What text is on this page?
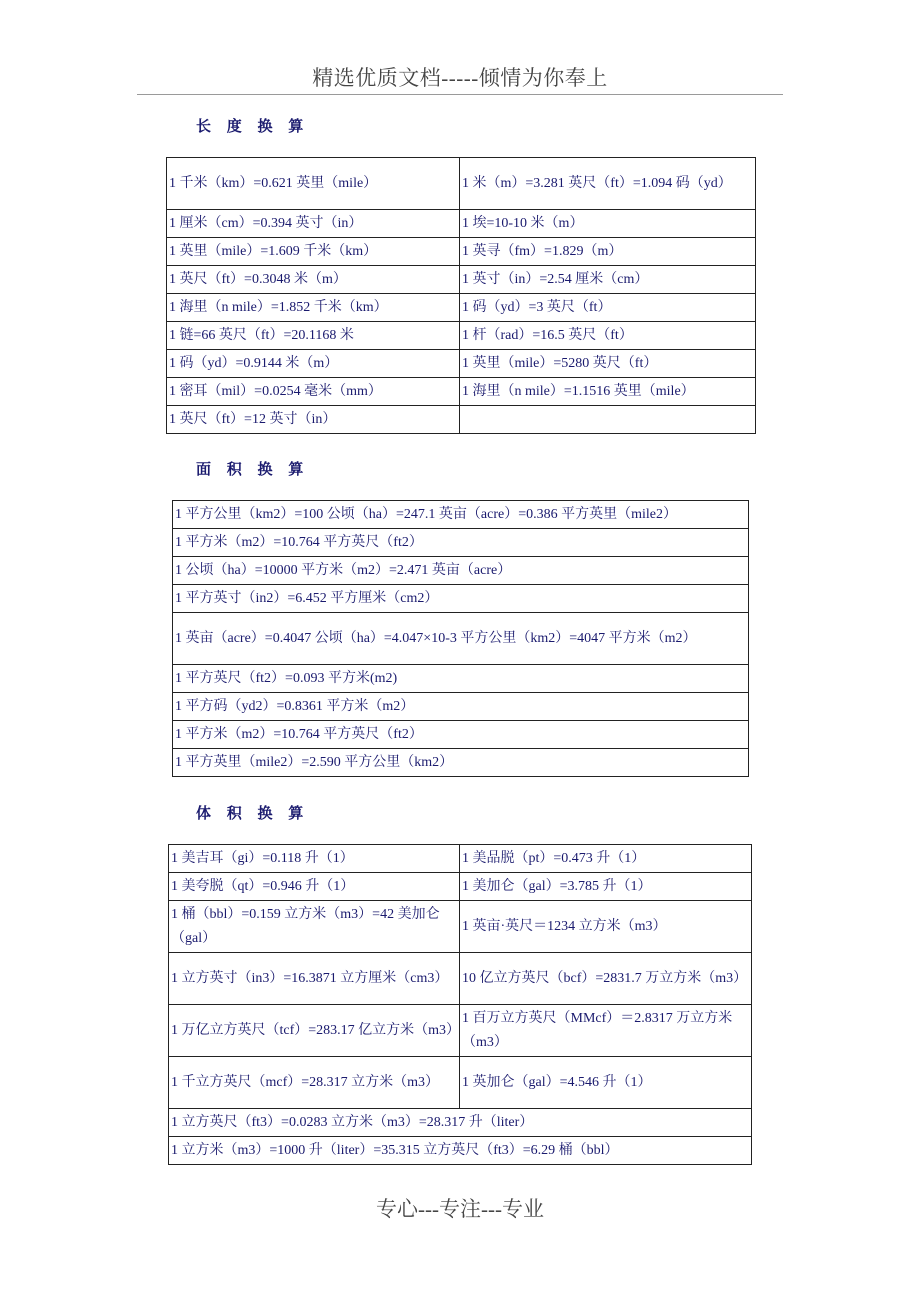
精选优质文档-----倾情为你奉上
长 度 换 算
1 千米（km）=0.621 英里（mile）	1 米（m）=3.281 英尺（ft）=1.094 码（yd）
1 厘米（cm）=0.394 英寸（in）	1 埃=10-10 米（m）
1 英里（mile）=1.609 千米（km）	1 英寻（fm）=1.829（m）
1 英尺（ft）=0.3048 米（m）	1 英寸（in）=2.54 厘米（cm）
1 海里（n mile）=1.852 千米（km）	1 码（yd）=3 英尺（ft）
1 链=66 英尺（ft）=20.1168 米	1 杆（rad）=16.5 英尺（ft）
1 码（yd）=0.9144 米（m）	1 英里（mile）=5280 英尺（ft）
1 密耳（mil）=0.0254 毫米（mm）	1 海里（n mile）=1.1516 英里（mile）
1 英尺（ft）=12 英寸（in）	
面 积 换 算
1 平方公里（km2）=100 公顷（ha）=247.1 英亩（acre）=0.386 平方英里（mile2）
1 平方米（m2）=10.764 平方英尺（ft2）
1 公顷（ha）=10000 平方米（m2）=2.471 英亩（acre）
1 平方英寸（in2）=6.452 平方厘米（cm2）
1 英亩（acre）=0.4047 公顷（ha）=4.047×10-3 平方公里（km2）=4047 平方米（m2）
1 平方英尺（ft2）=0.093 平方米(m2)
1 平方码（yd2）=0.8361 平方米（m2）
1 平方米（m2）=10.764 平方英尺（ft2）
1 平方英里（mile2）=2.590 平方公里（km2）
体 积 换 算
1 美吉耳（gi）=0.118 升（1）	1 美品脱（pt）=0.473 升（1）
1 美夸脱（qt）=0.946 升（1）	1 美加仑（gal）=3.785 升（1）
1 桶（bbl）=0.159 立方米（m3）=42 美加仑（gal）	1 英亩·英尺＝1234 立方米（m3）
1 立方英寸（in3）=16.3871 立方厘米（cm3）	10 亿立方英尺（bcf）=2831.7 万立方米（m3）
1 万亿立方英尺（tcf）=283.17 亿立方米（m3）	1 百万立方英尺（MMcf）＝2.8317 万立方米（m3）
1 千立方英尺（mcf）=28.317 立方米（m3）	1 英加仑（gal）=4.546 升（1）
1 立方英尺（ft3）=0.0283 立方米（m3）=28.317 升（liter）	
1 立方米（m3）=1000 升（liter）=35.315 立方英尺（ft3）=6.29 桶（bbl）	
专心---专注---专业
